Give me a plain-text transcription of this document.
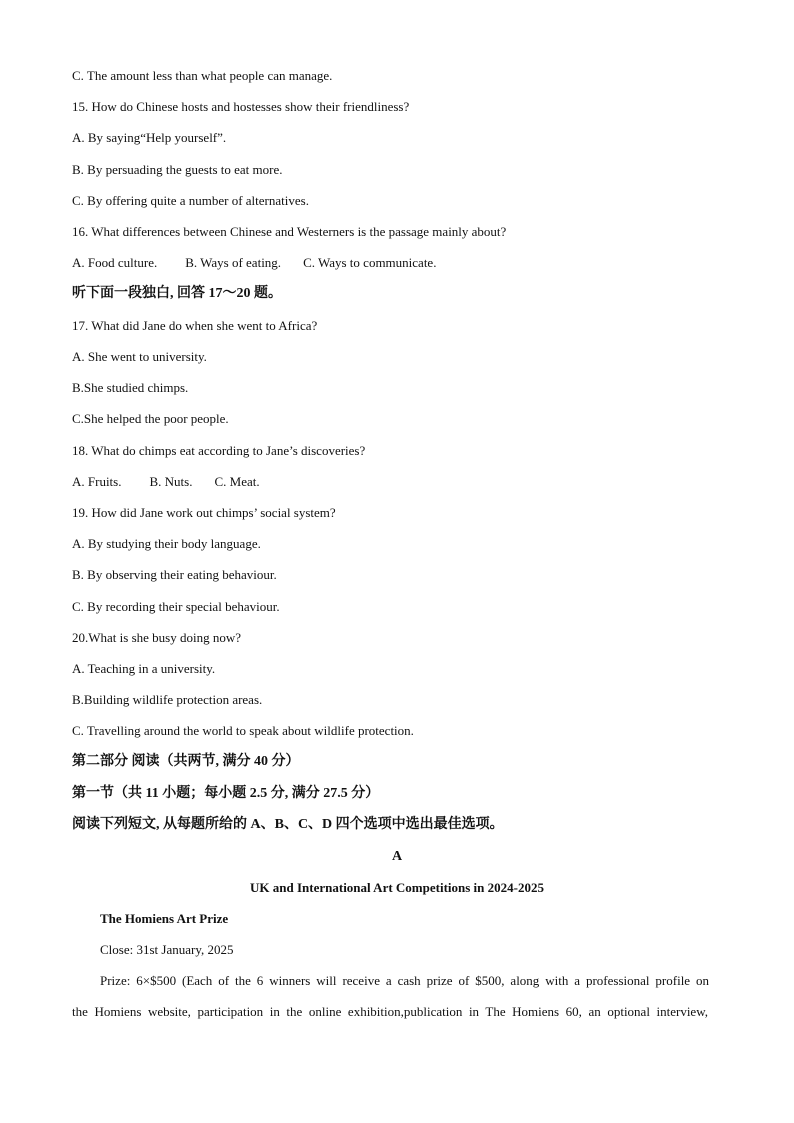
C. The amount less than what people can manage.
15. How do Chinese hosts and hostesses show their friendliness?
A. By saying“Help yourself”.
B. By persuading the guests to eat more.
C. By offering quite a number of alternatives.
16. What differences between Chinese and Westerners is the passage mainly about?
A. Food culture. B. Ways of eating. C. Ways to communicate.
听下面一段独白, 回答 17～20 题。
17. What did Jane do when she went to Africa?
A. She went to university.
B.She studied chimps.
C.She helped the poor people.
18. What do chimps eat according to Jane’s discoveries?
A. Fruits. B. Nuts. C. Meat.
19. How did Jane work out chimps’ social system?
A. By studying their body language.
B. By observing their eating behaviour.
C. By recording their special behaviour.
20.What is she busy doing now?
A. Teaching in a university.
B.Building wildlife protection areas.
C. Travelling around the world to speak about wildlife protection.
第二部分 阅读（共两节, 满分 40 分）
第一节（共 11 小题；每小题 2.5 分, 满分 27.5 分）
阅读下列短文, 从每题所给的 A、B、C、D 四个选项中选出最佳选项。
A
UK and International Art Competitions in 2024-2025
The Homiens Art Prize
Close: 31st January, 2025
Prize: 6×$500 (Each of the 6 winners will receive a cash prize of $500, along with a professional profile on
the Homiens website, participation in the online exhibition,publication in The Homiens 60, an optional interview,
